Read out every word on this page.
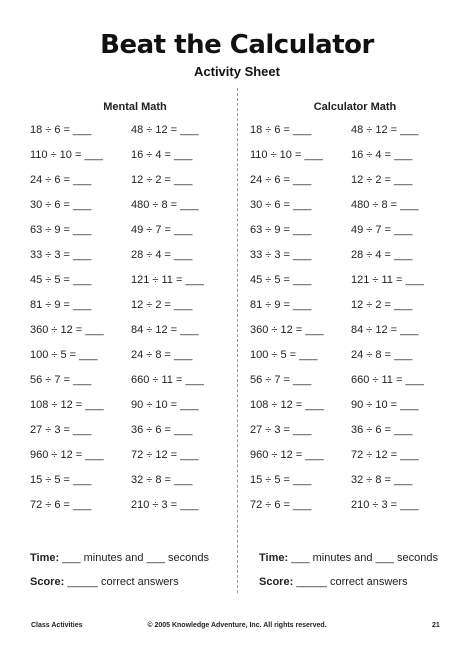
Beat the Calculator
Activity Sheet
Mental Math
18 ÷ 6 = ___
110 ÷ 10 = ___
24 ÷ 6 = ___
30 ÷ 6 = ___
63 ÷ 9 = ___
33 ÷ 3 = ___
45 ÷ 5 = ___
81 ÷ 9 = ___
360 ÷ 12 = ___
100 ÷ 5 = ___
56 ÷ 7 = ___
108 ÷ 12 = ___
27 ÷ 3 = ___
960 ÷ 12 = ___
15 ÷ 5 = ___
72 ÷ 6 = ___
48 ÷ 12 = ___
16 ÷ 4 = ___
12 ÷ 2 = ___
480 ÷ 8 = ___
49 ÷ 7 = ___
28 ÷ 4 = ___
121 ÷ 11 = ___
12 ÷ 2 = ___
84 ÷ 12 = ___
24 ÷ 8 = ___
660 ÷ 11 = ___
90 ÷ 10 = ___
36 ÷ 6 = ___
72 ÷ 12 = ___
32 ÷ 8 = ___
210 ÷ 3 = ___
Calculator Math
18 ÷ 6 = ___
110 ÷ 10 = ___
24 ÷ 6 = ___
30 ÷ 6 = ___
63 ÷ 9 = ___
33 ÷ 3 = ___
45 ÷ 5 = ___
81 ÷ 9 = ___
360 ÷ 12 = ___
100 ÷ 5 = ___
56 ÷ 7 = ___
108 ÷ 12 = ___
27 ÷ 3 = ___
960 ÷ 12 = ___
15 ÷ 5 = ___
72 ÷ 6 = ___
48 ÷ 12 = ___
16 ÷ 4 = ___
12 ÷ 2 = ___
480 ÷ 8 = ___
49 ÷ 7 = ___
28 ÷ 4 = ___
121 ÷ 11 = ___
12 ÷ 2 = ___
84 ÷ 12 = ___
24 ÷ 8 = ___
660 ÷ 11 = ___
90 ÷ 10 = ___
36 ÷ 6 = ___
72 ÷ 12 = ___
32 ÷ 8 = ___
210 ÷ 3 = ___
Time: ___ minutes and ___ seconds
Score: _____ correct answers
Time: ___ minutes and ___ seconds
Score: _____ correct answers
Class Activities	© 2005 Knowledge Adventure, Inc. All rights reserved.	21
